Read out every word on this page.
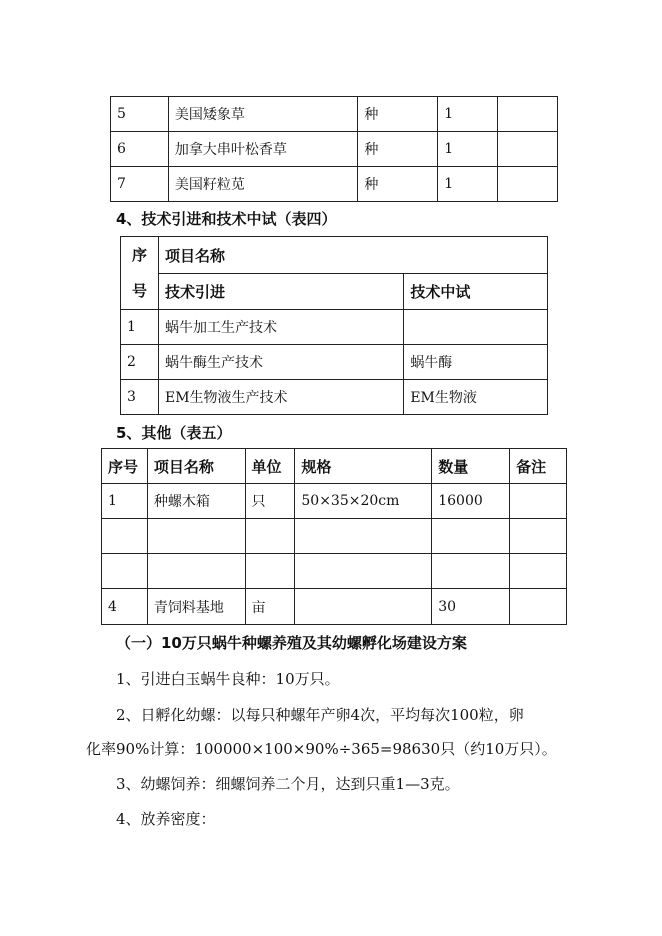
5	美国矮象草	种	1	
6	加拿大串叶松香草	种	1	
7	美国籽粒苋	种	1	
4、技术引进和技术中试（表四）
序
号	项目名称	
	技术引进	技术中试
1	蜗牛加工生产技术	
2	蜗牛酶生产技术	蜗牛酶
3	EM生物液生产技术	EM生物液
5、其他（表五）
序号	项目名称	单位	规格	数量	备注
1	种螺木箱	只	50×35×20cm	16000	

4	青饲料基地	亩		30	
（一）10万只蜗牛种螺养殖及其幼螺孵化场建设方案
1、引进白玉蜗牛良种：10万只。
2、日孵化幼螺：以每只种螺年产卵4次，平均每次100粒，卵
化率90%计算：100000×100×90%÷365=98630只（约10万只）。
3、幼螺饲养：细螺饲养二个月，达到只重1—3克。
4、放养密度：
